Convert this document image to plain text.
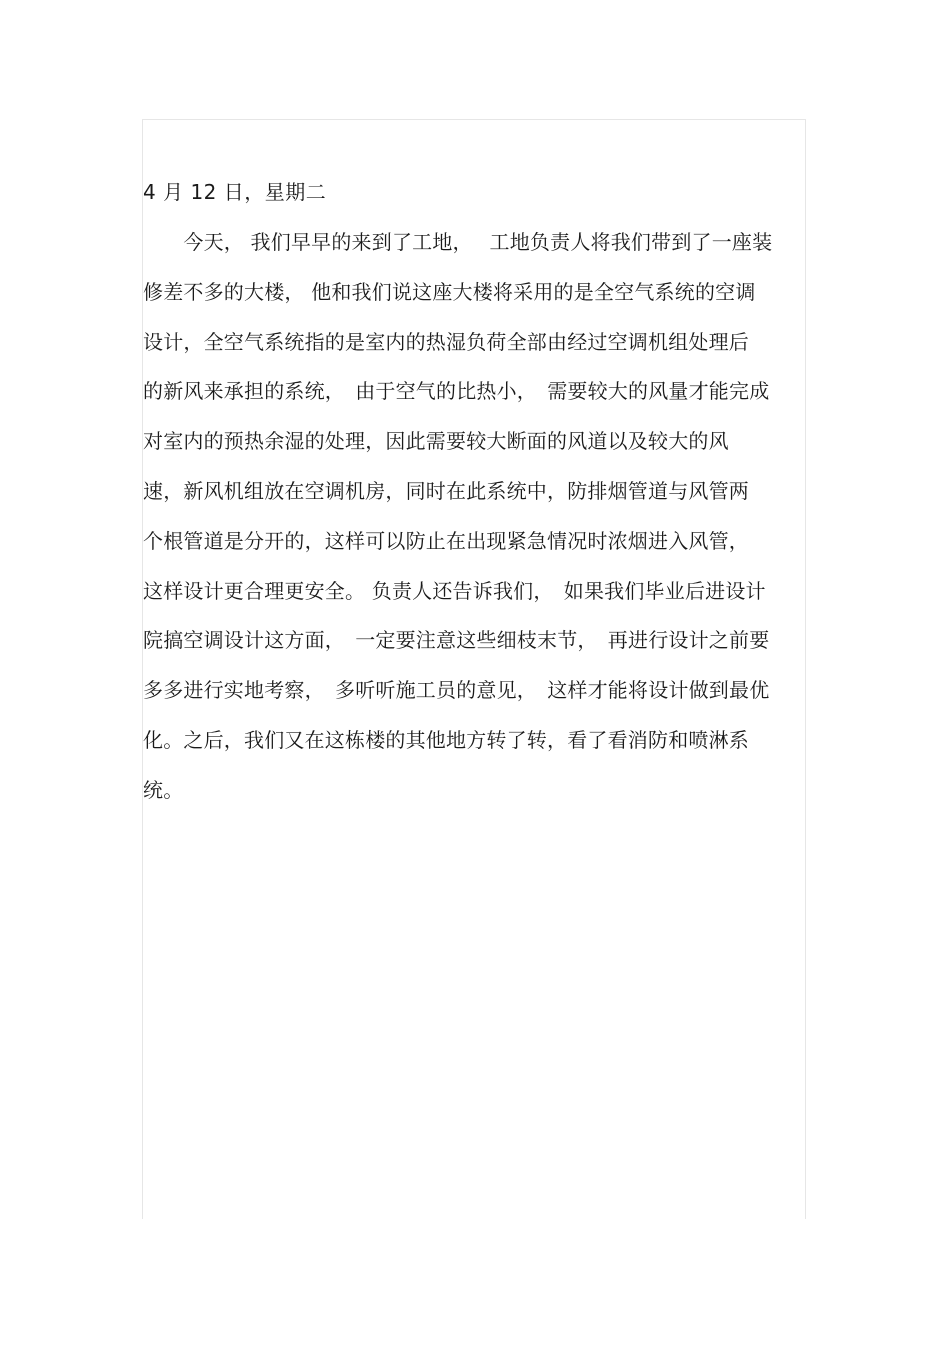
4 月 12 日，星期二
　　今天， 我们早早的来到了工地，　 工地负责人将我们带到了一座装
修差不多的大楼， 他和我们说这座大楼将采用的是全空气系统的空调
设计，全空气系统指的是室内的热湿负荷全部由经过空调机组处理后
的新风来承担的系统，　由于空气的比热小，　需要较大的风量才能完成
对室内的预热余湿的处理，因此需要较大断面的风道以及较大的风
速，新风机组放在空调机房，同时在此系统中，防排烟管道与风管两
个根管道是分开的，这样可以防止在出现紧急情况时浓烟进入风管，
这样设计更合理更安全。 负责人还告诉我们，　如果我们毕业后进设计
院搞空调设计这方面，　一定要注意这些细枝末节，　再进行设计之前要
多多进行实地考察，　多听听施工员的意见，　这样才能将设计做到最优
化。之后，我们又在这栋楼的其他地方转了转，看了看消防和喷淋系
统。
